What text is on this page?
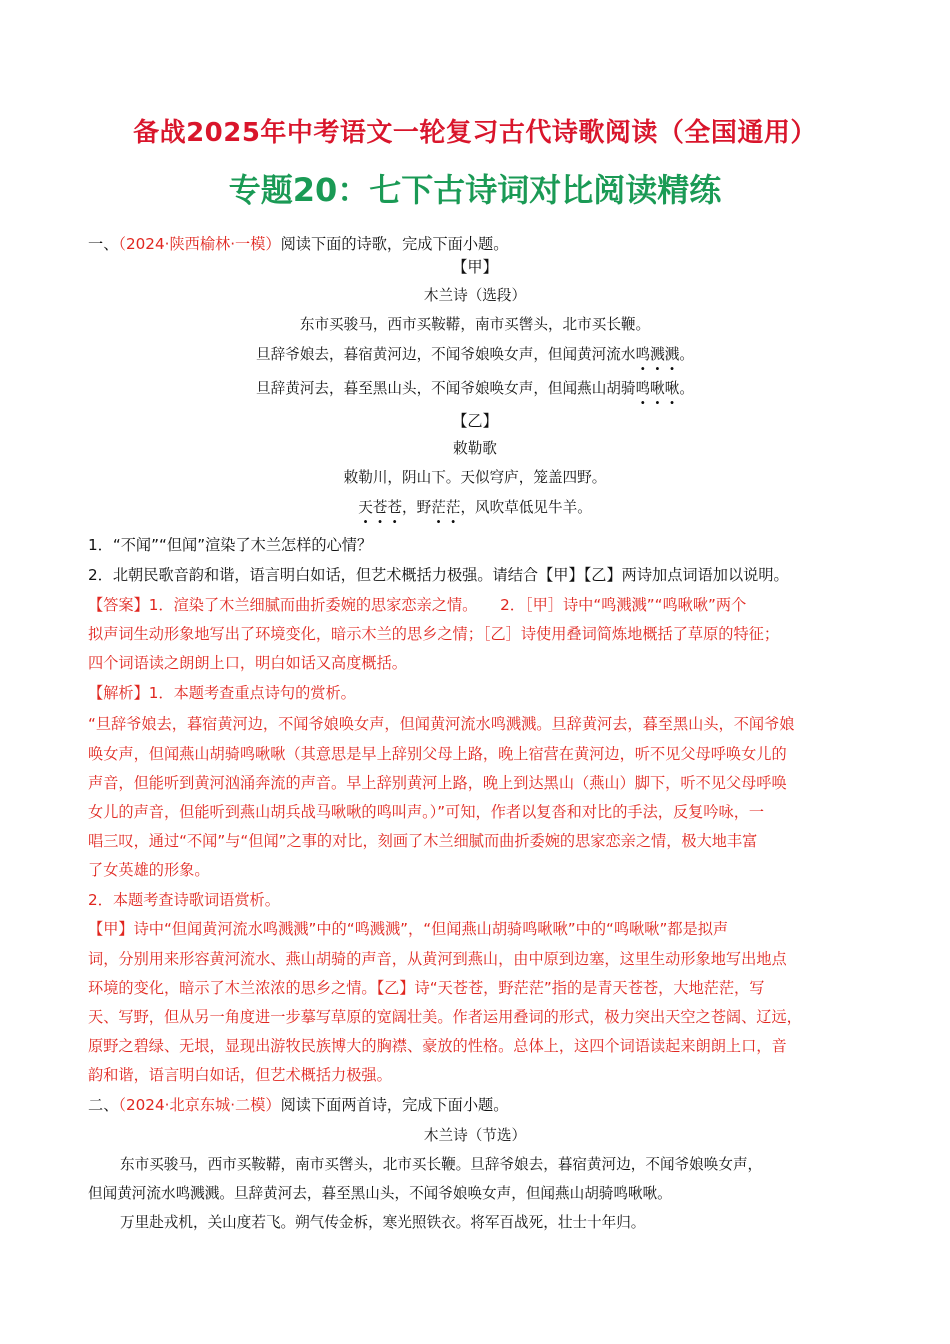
备战2025年中考语文一轮复习古代诗歌阅读（全国通用）
专题20：七下古诗词对比阅读精练
一、（2024·陕西榆林·一模）阅读下面的诗歌，完成下面小题。
【甲】
木兰诗（选段）
东市买骏马，西市买鞍鞯，南市买辔头，北市买长鞭。
旦辞爷娘去，暮宿黄河边，不闻爷娘唤女声，但闻黄河流水鸣溅溅。
旦辞黄河去，暮至黑山头，不闻爷娘唤女声，但闻燕山胡骑鸣啾啾。
【乙】
敕勒歌
敕勒川，阴山下。天似穹庐，笼盖四野。
天苍苍，野茫茫，风吹草低见牛羊。
1．“不闻”“但闻”渲染了木兰怎样的心情？
2．北朝民歌音韵和谐，语言明白如话，但艺术概括力极强。请结合【甲】【乙】两诗加点词语加以说明。
【答案】1．渲染了木兰细腻而曲折委婉的思家恋亲之情。　　2．［甲］诗中“鸣溅溅”“鸣啾啾”两个
拟声词生动形象地写出了环境变化，暗示木兰的思乡之情；［乙］诗使用叠词简炼地概括了草原的特征；
四个词语读之朗朗上口，明白如话又高度概括。
【解析】1．本题考查重点诗句的赏析。
“旦辞爷娘去，暮宿黄河边，不闻爷娘唤女声，但闻黄河流水鸣溅溅。旦辞黄河去，暮至黑山头，不闻爷娘
唤女声，但闻燕山胡骑鸣啾啾（其意思是早上辞别父母上路，晚上宿营在黄河边，听不见父母呼唤女儿的
声音，但能听到黄河汹涌奔流的声音。早上辞别黄河上路，晚上到达黑山（燕山）脚下，听不见父母呼唤
女儿的声音，但能听到燕山胡兵战马啾啾的鸣叫声。）”可知，作者以复沓和对比的手法，反复吟咏，一
唱三叹，通过“不闻”与“但闻”之事的对比，刻画了木兰细腻而曲折委婉的思家恋亲之情，极大地丰富
了女英雄的形象。
2．本题考查诗歌词语赏析。
【甲】诗中“但闻黄河流水鸣溅溅”中的“鸣溅溅”，“但闻燕山胡骑鸣啾啾”中的“鸣啾啾”都是拟声
词，分别用来形容黄河流水、燕山胡骑的声音，从黄河到燕山，由中原到边塞，这里生动形象地写出地点
环境的变化，暗示了木兰浓浓的思乡之情。【乙】诗“天苍苍，野茫茫”指的是青天苍苍，大地茫茫，写
天、写野，但从另一角度进一步摹写草原的宽阔壮美。作者运用叠词的形式，极力突出天空之苍阔、辽远，
原野之碧绿、无垠，显现出游牧民族博大的胸襟、豪放的性格。总体上，这四个词语读起来朗朗上口，音
韵和谐，语言明白如话，但艺术概括力极强。
二、（2024·北京东城·二模）阅读下面两首诗，完成下面小题。
木兰诗（节选）
东市买骏马，西市买鞍鞯，南市买辔头，北市买长鞭。旦辞爷娘去，暮宿黄河边，不闻爷娘唤女声，
但闻黄河流水鸣溅溅。旦辞黄河去，暮至黑山头，不闻爷娘唤女声，但闻燕山胡骑鸣啾啾。
万里赴戎机，关山度若飞。朔气传金柝，寒光照铁衣。将军百战死，壮士十年归。
